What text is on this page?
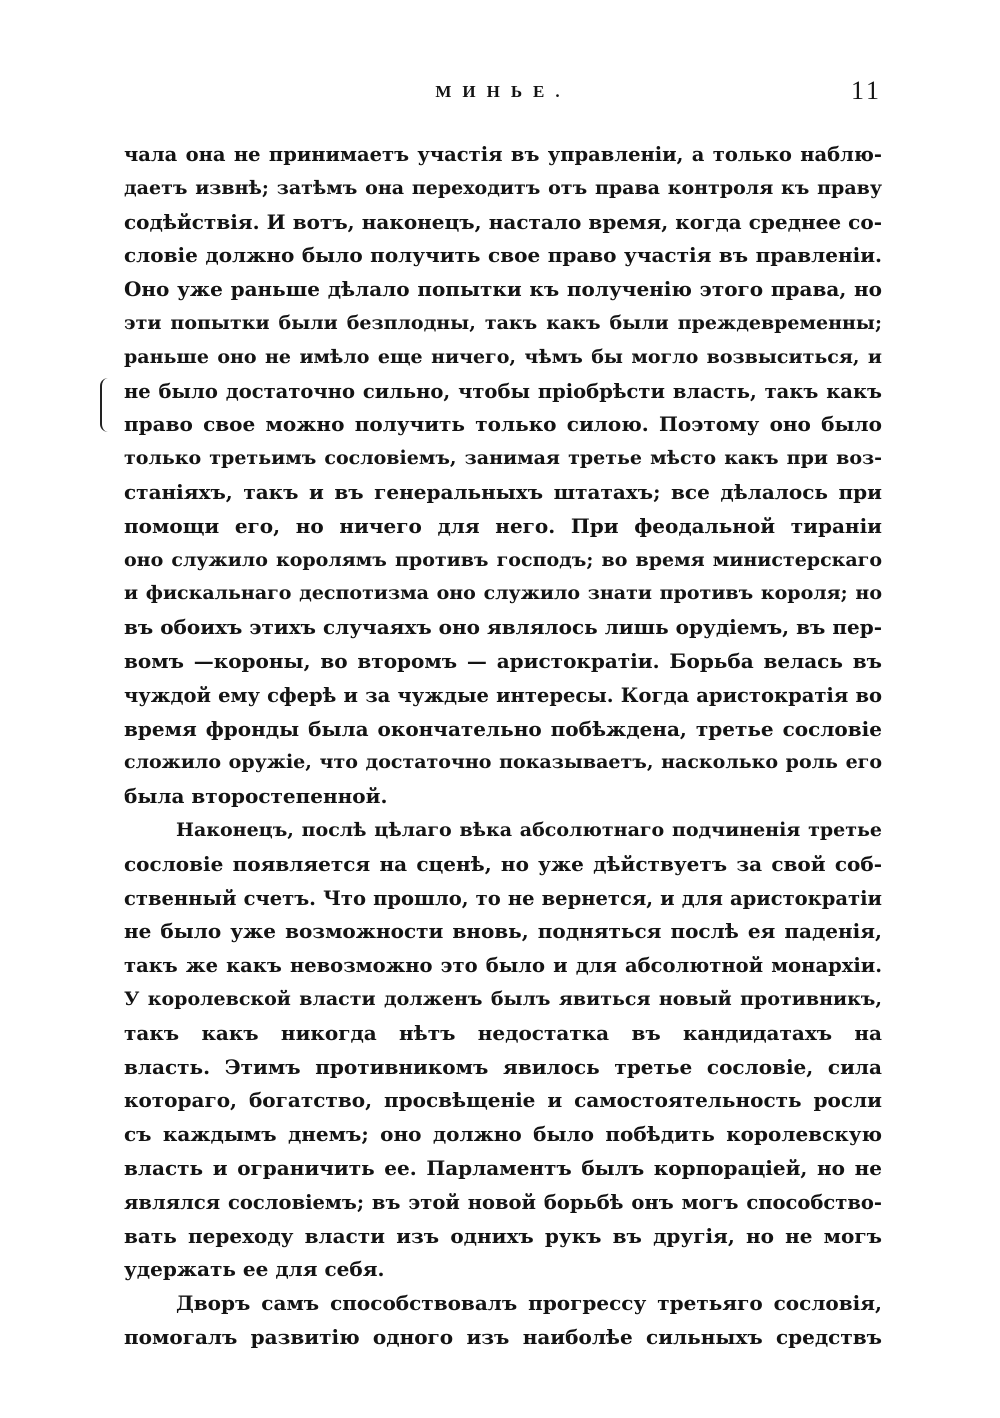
МИНЬЕ.	11
чала она не принимаетъ участія въ управленіи, а только наблю-
даетъ извнѣ; затѣмъ она переходитъ отъ права контроля къ праву
содѣйствія. И вотъ, наконецъ, настало время, когда среднее со-
словіе должно было получить свое право участія въ правленіи.
Оно уже раньше дѣлало попытки къ полученію этого права, но
эти попытки были безплодны, такъ какъ были преждевременны;
раньше оно не имѣло еще ничего, чѣмъ бы могло возвыситься, и
не было достаточно сильно, чтобы пріобрѣсти власть, такъ какъ
право свое можно получить только силою. Поэтому оно было
только третьимъ сословіемъ, занимая третье мѣсто какъ при воз-
станіяхъ, такъ и въ генеральныхъ штатахъ; все дѣлалось при
помощи его, но ничего для него. При феодальной тираніи
оно служило королямъ противъ господъ; во время министерскаго
и фискальнаго деспотизма оно служило знати противъ короля; но
въ обоихъ этихъ случаяхъ оно являлось лишь орудіемъ, въ пер-
вомъ —короны, во второмъ — аристократіи. Борьба велась въ
чуждой ему сферѣ и за чуждые интересы. Когда аристократія во
время фронды была окончательно побѣждена, третье сословіе
сложило оружіе, что достаточно показываетъ, насколько роль его
была второстепенной.
Наконецъ, послѣ цѣлаго вѣка абсолютнаго подчиненія третье
сословіе появляется на сценѣ, но уже дѣйствуетъ за свой соб-
ственный счетъ. Что прошло, то не вернется, и для аристократіи
не было уже возможности вновь, подняться послѣ ея паденія,
такъ же какъ невозможно это было и для абсолютной монархіи.
У королевской власти долженъ былъ явиться новый противникъ,
такъ какъ никогда нѣтъ недостатка въ кандидатахъ на
власть. Этимъ противникомъ явилось третье сословіе, сила
котораго, богатство, просвѣщеніе и самостоятельность росли
съ каждымъ днемъ; оно должно было побѣдить королевскую
власть и ограничить ее. Парламентъ былъ корпораціей, но не
являлся сословіемъ; въ этой новой борьбѣ онъ могъ способство-
вать переходу власти изъ однихъ рукъ въ другія, но не могъ
удержать ее для себя.
Дворъ самъ способствовалъ прогрессу третьяго сословія,
помогалъ развитію одного изъ наиболѣе сильныхъ средствъ
